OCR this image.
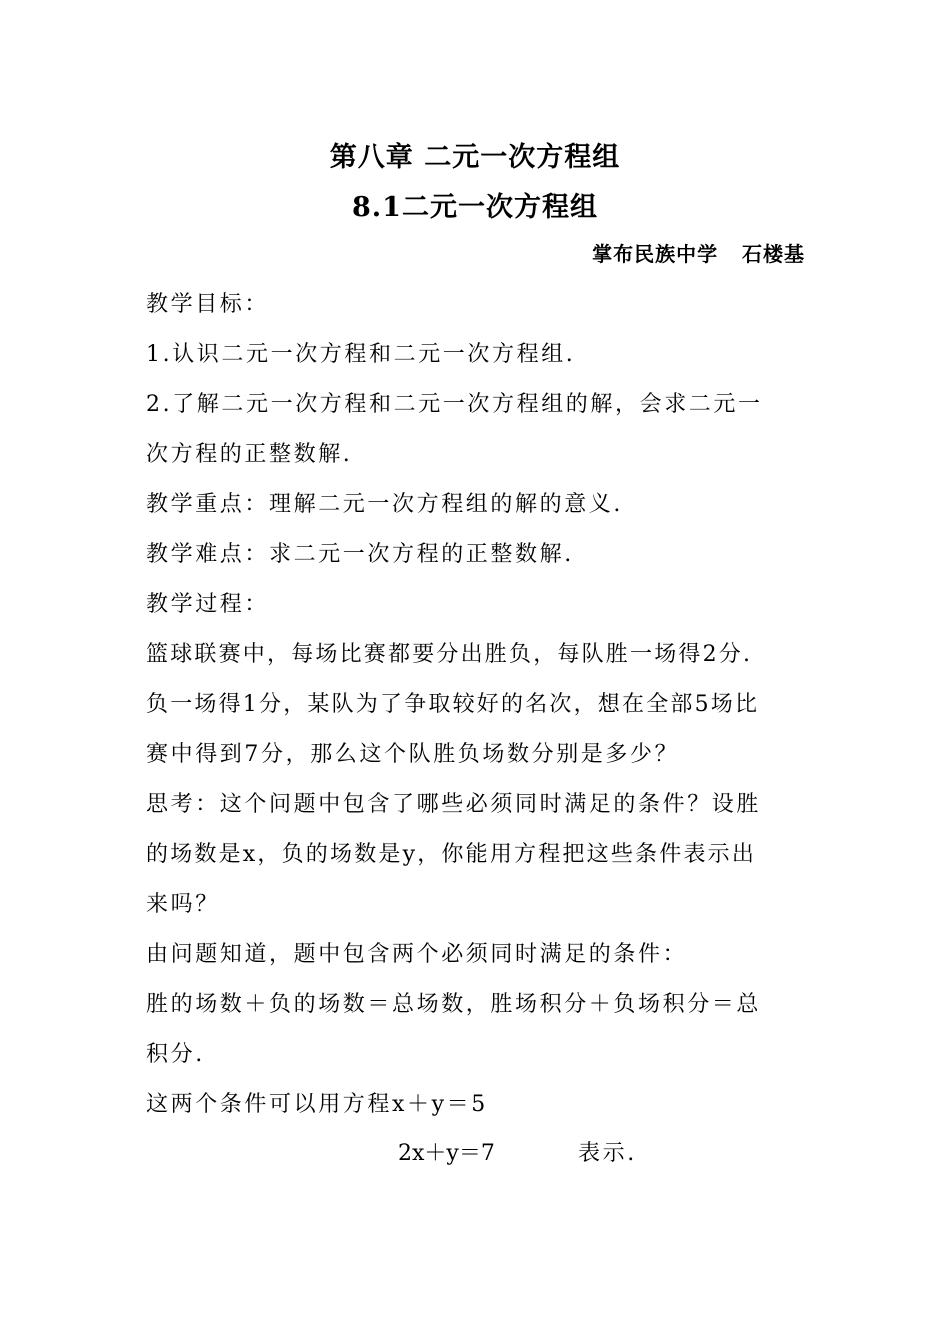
第八章 二元一次方程组
8.1二元一次方程组
掌布民族中学   石楼基
教学目标：
1.认识二元一次方程和二元一次方程组.
2.了解二元一次方程和二元一次方程组的解，会求二元一
次方程的正整数解.
教学重点：理解二元一次方程组的解的意义.
教学难点：求二元一次方程的正整数解.
教学过程：
篮球联赛中，每场比赛都要分出胜负，每队胜一场得2分.
负一场得1分，某队为了争取较好的名次，想在全部5场比
赛中得到7分，那么这个队胜负场数分别是多少？
思考：这个问题中包含了哪些必须同时满足的条件？设胜
的场数是x，负的场数是y，你能用方程把这些条件表示出
来吗？
由问题知道，题中包含两个必须同时满足的条件：
胜的场数＋负的场数＝总场数，胜场积分＋负场积分＝总
积分.
这两个条件可以用方程x＋y＝5
2x＋y＝7	表示.
